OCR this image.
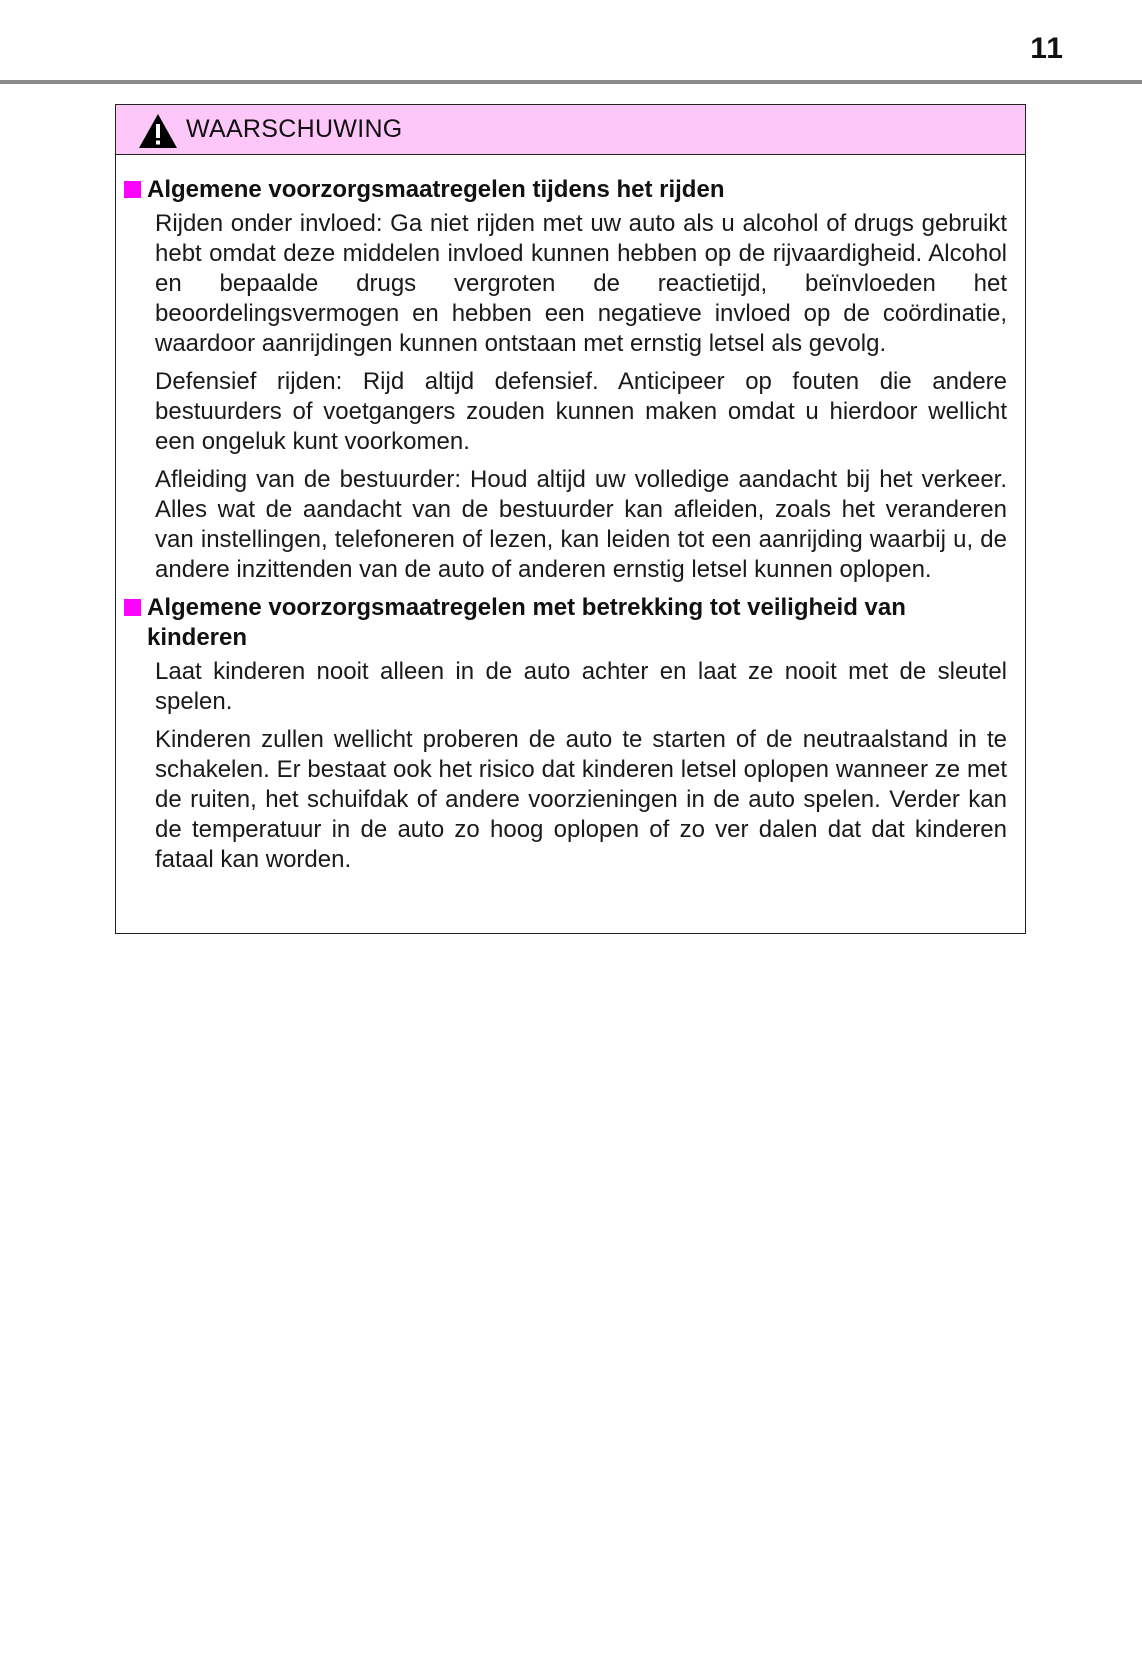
11
WAARSCHUWING
Algemene voorzorgsmaatregelen tijdens het rijden

Rijden onder invloed: Ga niet rijden met uw auto als u alcohol of drugs gebruikt hebt omdat deze middelen invloed kunnen hebben op de rijvaardigheid. Alcohol en bepaalde drugs vergroten de reactietijd, beïnvloeden het beoordelingsvermogen en hebben een negatieve invloed op de coördinatie, waardoor aanrijdingen kunnen ontstaan met ernstig letsel als gevolg.

Defensief rijden: Rijd altijd defensief. Anticipeer op fouten die andere bestuurders of voetgangers zouden kunnen maken omdat u hierdoor wellicht een ongeluk kunt voorkomen.

Afleiding van de bestuurder: Houd altijd uw volledige aandacht bij het verkeer. Alles wat de aandacht van de bestuurder kan afleiden, zoals het veranderen van instellingen, telefoneren of lezen, kan leiden tot een aanrijding waarbij u, de andere inzittenden van de auto of anderen ernstig letsel kunnen oplopen.

Algemene voorzorgsmaatregelen met betrekking tot veiligheid van kinderen

Laat kinderen nooit alleen in de auto achter en laat ze nooit met de sleutel spelen.

Kinderen zullen wellicht proberen de auto te starten of de neutraalstand in te schakelen. Er bestaat ook het risico dat kinderen letsel oplopen wanneer ze met de ruiten, het schuifdak of andere voorzieningen in de auto spelen. Verder kan de temperatuur in de auto zo hoog oplopen of zo ver dalen dat dat kinderen fataal kan worden.
